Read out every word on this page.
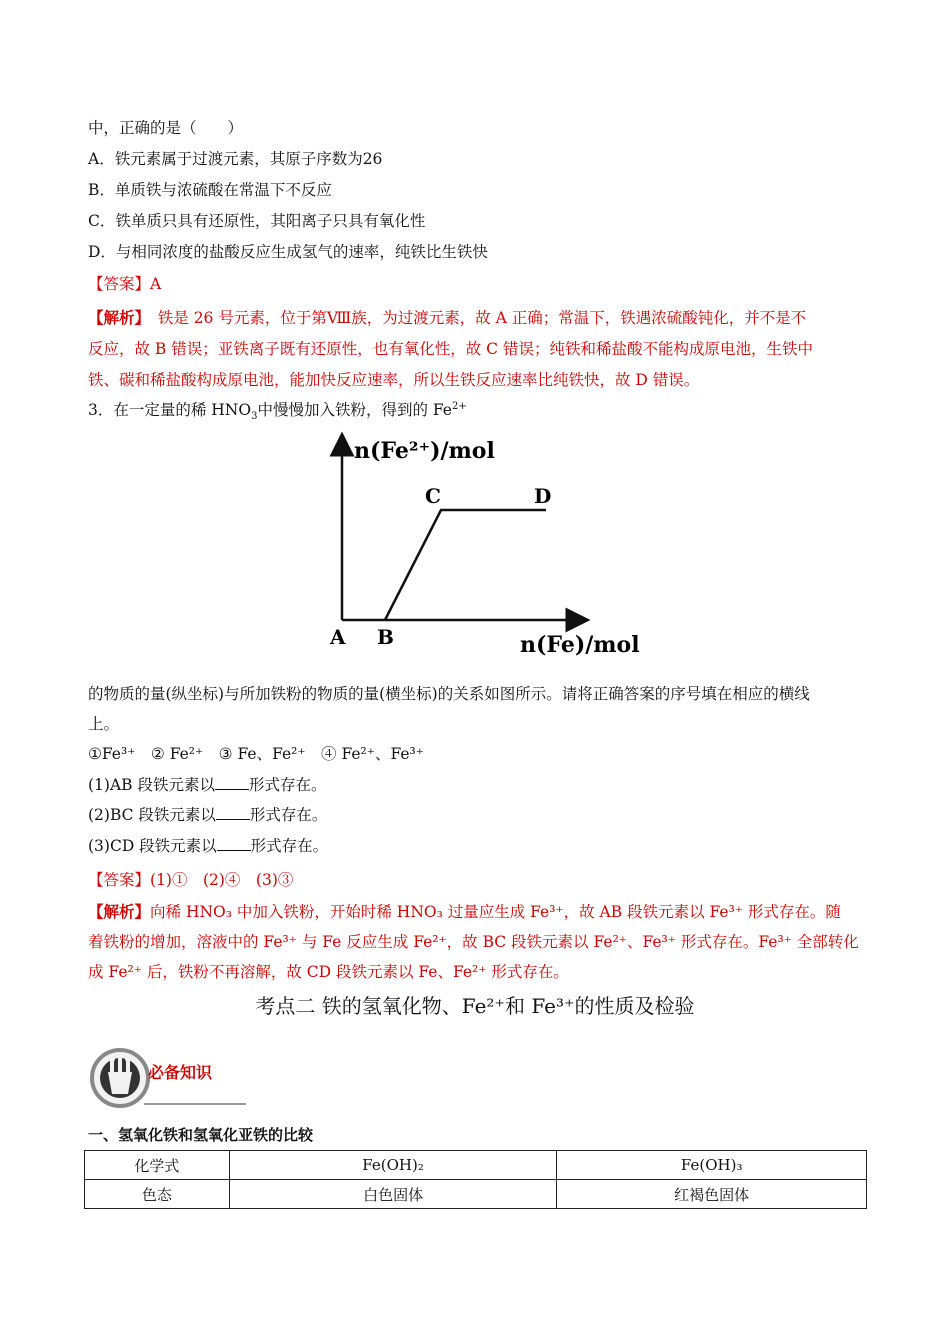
中，正确的是（　　）
A．铁元素属于过渡元素，其原子序数为26
B．单质铁与浓硫酸在常温下不反应
C．铁单质只具有还原性，其阳离子只具有氧化性
D．与相同浓度的盐酸反应生成氢气的速率，纯铁比生铁快
【答案】A
【解析】　铁是 26 号元素，位于第Ⅷ族，为过渡元素，故 A 正确；常温下，铁遇浓硫酸钝化，并不是不
反应，故 B 错误；亚铁离子既有还原性，也有氧化性，故 C 错误；纯铁和稀盐酸不能构成原电池，生铁中
铁、碳和稀盐酸构成原电池，能加快反应速率，所以生铁反应速率比纯铁快，故 D 错误。
3．在一定量的稀 $HNO_3$中慢慢加入铁粉，得到的 $Fe^{2+}$
n(Fe²⁺)/mol
n(Fe)/mol
A B
C	D
的物质的量(纵坐标)与所加铁粉的物质的量(横坐标)的关系如图所示。请将正确答案的序号填在相应的横线
上。
①Fe³⁺　② Fe²⁺　③ Fe、Fe²⁺　④ Fe²⁺、Fe³⁺
(1)AB 段铁元素以 形式存在。
(2)BC 段铁元素以 形式存在。
(3)CD 段铁元素以 形式存在。
【答案】(1)①　(2)④　(3)③
【解析】向稀 HNO₃ 中加入铁粉，开始时稀 HNO₃ 过量应生成 Fe³⁺，故 AB 段铁元素以 Fe³⁺ 形式存在。随
着铁粉的增加，溶液中的 Fe³⁺ 与 Fe 反应生成 Fe²⁺，故 BC 段铁元素以 Fe²⁺、Fe³⁺ 形式存在。Fe³⁺ 全部转化
成 Fe²⁺ 后，铁粉不再溶解，故 CD 段铁元素以 Fe、Fe²⁺ 形式存在。
考点二 铁的氢氧化物、Fe²⁺和 Fe³⁺的性质及检验
必备知识
一、氢氧化铁和氢氧化亚铁的比较
化学式	Fe(OH)₂	Fe(OH)₃
色态	白色固体	红褐色固体
